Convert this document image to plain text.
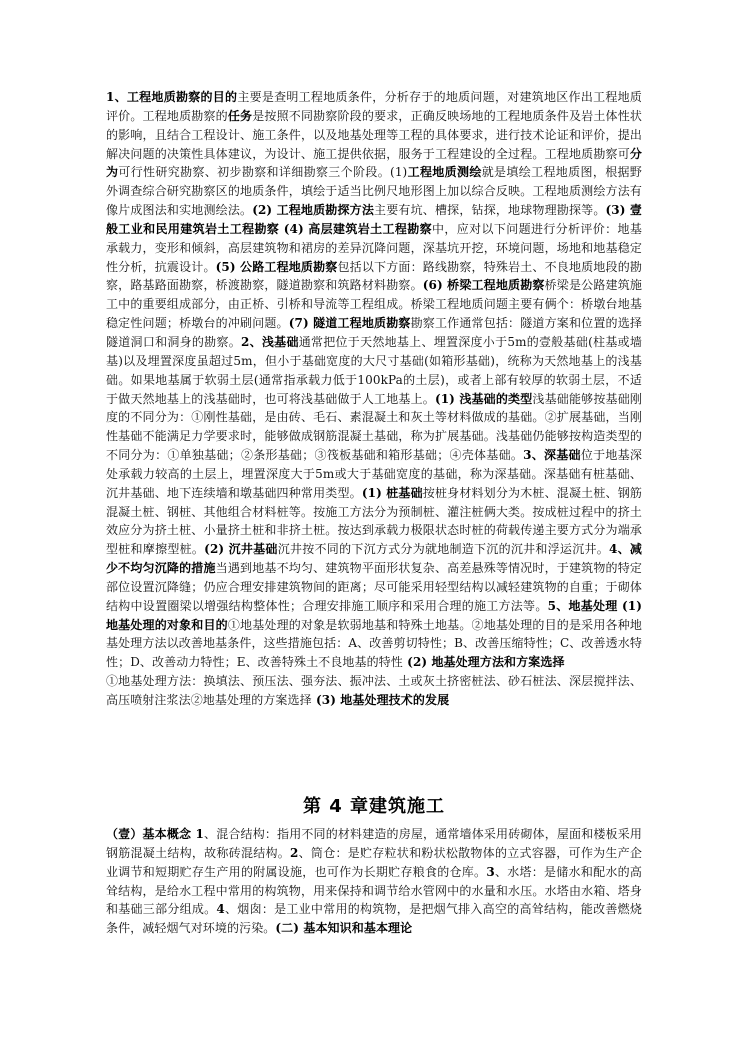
1、工程地质勘察的目的主要是查明工程地质条件，分析存于的地质问题，对建筑地区作出工程地质评价。工程地质勘察的任务是按照不同勘察阶段的要求，正确反映场地的工程地质条件及岩土体性状的影响，且结合工程设计、施工条件，以及地基处理等工程的具体要求，进行技术论证和评价，提出解决问题的决策性具体建议，为设计、施工提供依据，服务于工程建设的全过程。工程地质勘察可分为可行性研究勘察、初步勘察和详细勘察三个阶段。(1)工程地质测绘就是填绘工程地质图，根据野外调查综合研究勘察区的地质条件，填绘于适当比例尺地形图上加以综合反映。工程地质测绘方法有像片成图法和实地测绘法。(2) 工程地质勘探方法主要有坑、槽探，钻探，地球物理勘探等。(3) 壹般工业和民用建筑岩土工程勘察 (4) 高层建筑岩土工程勘察中，应对以下问题进行分析评价：地基承载力，变形和倾斜，高层建筑物和裙房的差异沉降问题，深基坑开挖，环境问题，场地和地基稳定性分析，抗震设计。(5) 公路工程地质勘察包括以下方面：路线勘察，特殊岩土、不良地质地段的勘察，路基路面勘察，桥渡勘察，隧道勘察和筑路材料勘察。(6) 桥梁工程地质勘察桥梁是公路建筑施工中的重要组成部分，由正桥、引桥和导流等工程组成。桥梁工程地质问题主要有俩个：桥墩台地基稳定性问题；桥墩台的冲刷问题。(7) 隧道工程地质勘察勘察工作通常包括：隧道方案和位置的选择隧道洞口和洞身的勘察。2、浅基础通常把位于天然地基上、埋置深度小于5m的壹般基础(柱基或墙基)以及埋置深度虽超过5m，但小于基础宽度的大尺寸基础(如箱形基础)，统称为天然地基上的浅基础。如果地基属于软弱土层(通常指承载力低于100kPa的土层)，或者上部有较厚的软弱土层，不适于做天然地基上的浅基础时，也可将浅基础做于人工地基上。(1) 浅基础的类型浅基础能够按基础刚度的不同分为：①刚性基础，是由砖、毛石、素混凝土和灰土等材料做成的基础。②扩展基础，当刚性基础不能满足力学要求时，能够做成钢筋混凝土基础，称为扩展基础。浅基础仍能够按构造类型的不同分为：①单独基础；②条形基础；③筏板基础和箱形基础；④壳体基础。3、深基础位于地基深处承载力较高的土层上，埋置深度大于5m或大于基础宽度的基础，称为深基础。深基础有桩基础、沉井基础、地下连续墙和墩基础四种常用类型。(1) 桩基础按桩身材料划分为木桩、混凝土桩、钢筋混凝土桩、钢桩、其他组合材料桩等。按施工方法分为预制桩、灌注桩俩大类。按成桩过程中的挤土效应分为挤土桩、小量挤土桩和非挤土桩。按达到承载力极限状态时桩的荷载传递主要方式分为端承型桩和摩擦型桩。(2) 沉井基础沉井按不同的下沉方式分为就地制造下沉的沉井和浮运沉井。4、减少不均匀沉降的措施当遇到地基不均匀、建筑物平面形状复杂、高差悬殊等情况时，于建筑物的特定部位设置沉降缝；仍应合理安排建筑物间的距离；尽可能采用轻型结构以减轻建筑物的自重；于砌体结构中设置圈梁以增强结构整体性；合理安排施工顺序和采用合理的施工方法等。5、地基处理 (1) 地基处理的对象和目的①地基处理的对象是软弱地基和特殊土地基。②地基处理的目的是采用各种地基处理方法以改善地基条件，这些措施包括：A、改善剪切特性；B、改善压缩特性；C、改善透水特性；D、改善动力特性；E、改善特殊土不良地基的特性 (2) 地基处理方法和方案选择
①地基处理方法：换填法、预压法、强夯法、振冲法、土或灰土挤密桩法、砂石桩法、深层搅拌法、高压喷射注浆法②地基处理的方案选择 (3) 地基处理技术的发展

第 4 章建筑施工

（壹）基本概念 1、混合结构：指用不同的材料建造的房屋，通常墙体采用砖砌体，屋面和楼板采用钢筋混凝土结构，故称砖混结构。2、筒仓：是贮存粒状和粉状松散物体的立式容器，可作为生产企业调节和短期贮存生产用的附属设施，也可作为长期贮存粮食的仓库。3、水塔：是储水和配水的高耸结构，是给水工程中常用的构筑物，用来保持和调节给水管网中的水量和水压。水塔由水箱、塔身和基础三部分组成。4、烟囱：是工业中常用的构筑物，是把烟气排入高空的高耸结构，能改善燃烧条件，减轻烟气对环境的污染。(二) 基本知识和基本理论
